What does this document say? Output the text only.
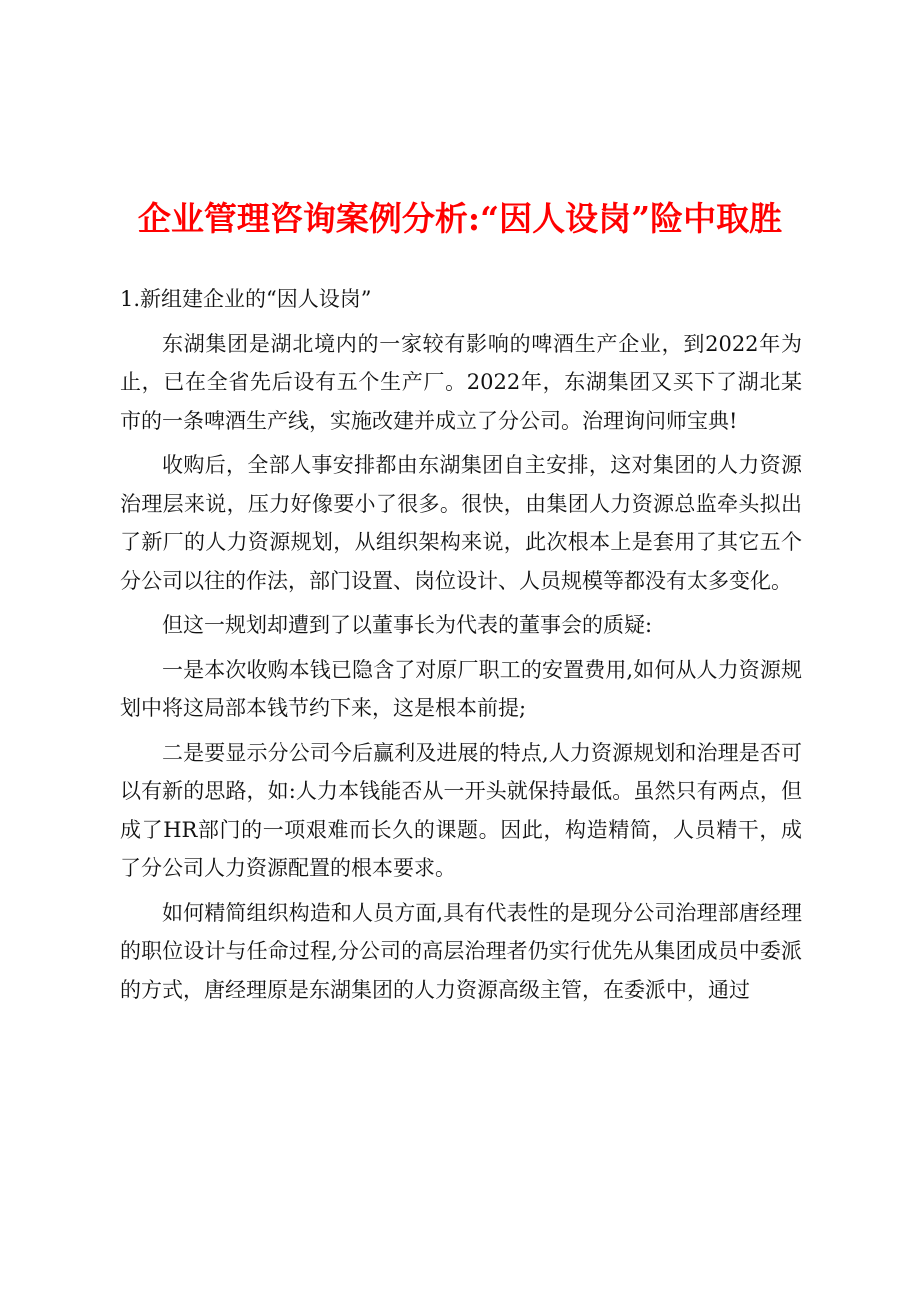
企业管理咨询案例分析:“因人设岗”险中取胜

1.新组建企业的“因人设岗”

东湖集团是湖北境内的一家较有影响的啤酒生产企业，到2022年为止，已在全省先后设有五个生产厂。2022年，东湖集团又买下了湖北某市的一条啤酒生产线，实施改建并成立了分公司。治理询问师宝典!

收购后，全部人事安排都由东湖集团自主安排，这对集团的人力资源治理层来说，压力好像要小了很多。很快，由集团人力资源总监牵头拟出了新厂的人力资源规划，从组织架构来说，此次根本上是套用了其它五个分公司以往的作法，部门设置、岗位设计、人员规模等都没有太多变化。

但这一规划却遭到了以董事长为代表的董事会的质疑:

一是本次收购本钱已隐含了对原厂职工的安置费用,如何从人力资源规划中将这局部本钱节约下来，这是根本前提;

二是要显示分公司今后赢利及进展的特点,人力资源规划和治理是否可以有新的思路，如:人力本钱能否从一开头就保持最低。虽然只有两点，但成了HR部门的一项艰难而长久的课题。因此，构造精简，人员精干，成了分公司人力资源配置的根本要求。

如何精简组织构造和人员方面,具有代表性的是现分公司治理部唐经理的职位设计与任命过程,分公司的高层治理者仍实行优先从集团成员中委派的方式，唐经理原是东湖集团的人力资源高级主管，在委派中，通过
